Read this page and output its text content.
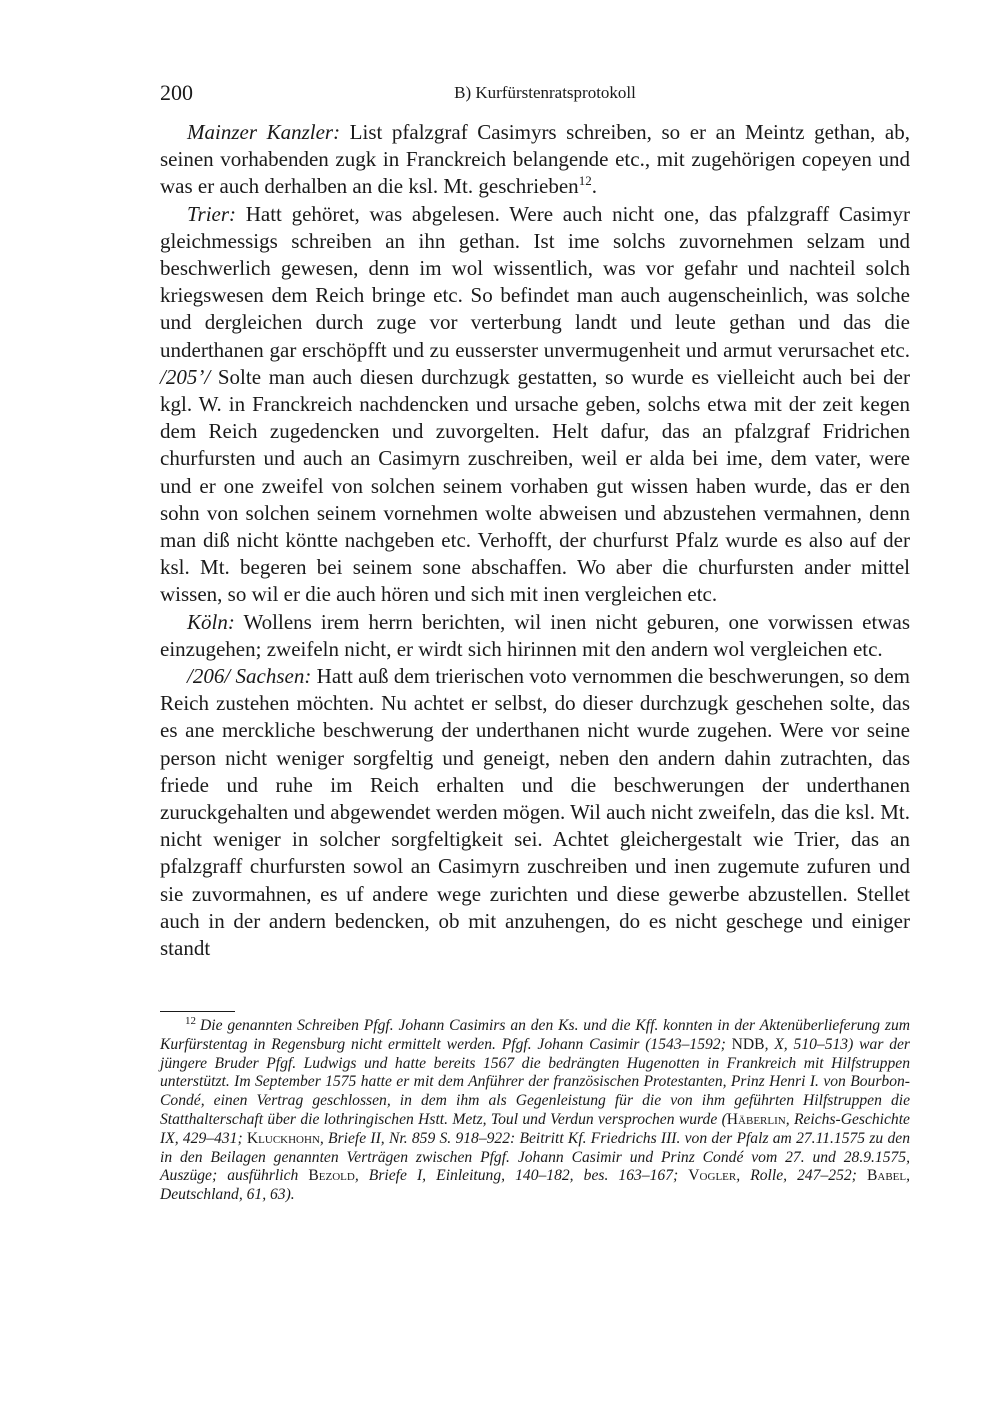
200	B) Kurfürstenratsprotokoll

Mainzer Kanzler: List pfalzgraf Casimyrs schreiben, so er an Meintz gethan, ab, seinen vorhabenden zugk in Franckreich belangende etc., mit zugehörigen copeyen und was er auch derhalben an die ksl. Mt. geschrieben$^{12}$.

Trier: Hatt gehöret, was abgelesen. Were auch nicht one, das pfalzgraff Casimyr gleichmessigs schreiben an ihn gethan. Ist ime solchs zuvornehmen selzam und beschwerlich gewesen, denn im wol wissentlich, was vor gefahr und nachteil solch kriegswesen dem Reich bringe etc. So befindet man auch augenscheinlich, was solche und dergleichen durch zuge vor verterbung landt und leute gethan und das die underthanen gar erschöpfft und zu eusserster unvermugenheit und armut verursachet etc. /205’/ Solte man auch diesen durchzugk gestatten, so wurde es vielleicht auch bei der kgl. W. in Franckreich nachdencken und ursache geben, solchs etwa mit der zeit kegen dem Reich zugedencken und zuvorgelten. Helt dafur, das an pfalzgraf Fridrichen churfursten und auch an Casimyrn zuschreiben, weil er alda bei ime, dem vater, were und er one zweifel von solchen seinem vorhaben gut wissen haben wurde, das er den sohn von solchen seinem vornehmen wolte abweisen und abzustehen vermahnen, denn man diß nicht köntte nachgeben etc. Verhofft, der churfurst Pfalz wurde es also auf der ksl. Mt. begeren bei seinem sone abschaffen. Wo aber die churfursten ander mittel wissen, so wil er die auch hören und sich mit inen vergleichen etc.

Köln: Wollens irem herrn berichten, wil inen nicht geburen, one vorwissen etwas einzugehen; zweifeln nicht, er wirdt sich hirinnen mit den andern wol vergleichen etc.

/206/ Sachsen: Hatt auß dem trierischen voto vernommen die beschwerungen, so dem Reich zustehen möchten. Nu achtet er selbst, do dieser durchzugk geschehen solte, das es ane merckliche beschwerung der underthanen nicht wurde zugehen. Were vor seine person nicht weniger sorgfeltig und geneigt, neben den andern dahin zutrachten, das friede und ruhe im Reich erhalten und die beschwerungen der underthanen zuruckgehalten und abgewendet werden mögen. Wil auch nicht zweifeln, das die ksl. Mt. nicht weniger in solcher sorgfeltigkeit sei. Achtet gleichergestalt wie Trier, das an pfalzgraff churfursten sowol an Casimyrn zuschreiben und inen zugemute zufuren und sie zuvormahnen, es uf andere wege zurichten und diese gewerbe abzustellen. Stellet auch in der andern bedencken, ob mit anzuhengen, do es nicht geschege und einiger standt

$^{12}$ Die genannten Schreiben Pfgf. Johann Casimirs an den Ks. und die Kff. konnten in der Aktenüberlieferung zum Kurfürstentag in Regensburg nicht ermittelt werden. Pfgf. Johann Casimir (1543–1592; NDB, X, 510–513) war der jüngere Bruder Pfgf. Ludwigs und hatte bereits 1567 die bedrängten Hugenotten in Frankreich mit Hilfstruppen unterstützt. Im September 1575 hatte er mit dem Anführer der französischen Protestanten, Prinz Henri I. von Bourbon-Condé, einen Vertrag geschlossen, in dem ihm als Gegenleistung für die von ihm geführten Hilfstruppen die Statthalterschaft über die lothringischen Hstt. Metz, Toul und Verdun versprochen wurde (Häberlin, Reichs-Geschichte IX, 429–431; Kluckhohn, Briefe II, Nr. 859 S. 918–922: Beitritt Kf. Friedrichs III. von der Pfalz am 27.11.1575 zu den in den Beilagen genannten Verträgen zwischen Pfgf. Johann Casimir und Prinz Condé vom 27. und 28.9.1575, Auszüge; ausführlich Bezold, Briefe I, Einleitung, 140–182, bes. 163–167; Vogler, Rolle, 247–252; Babel, Deutschland, 61, 63).
